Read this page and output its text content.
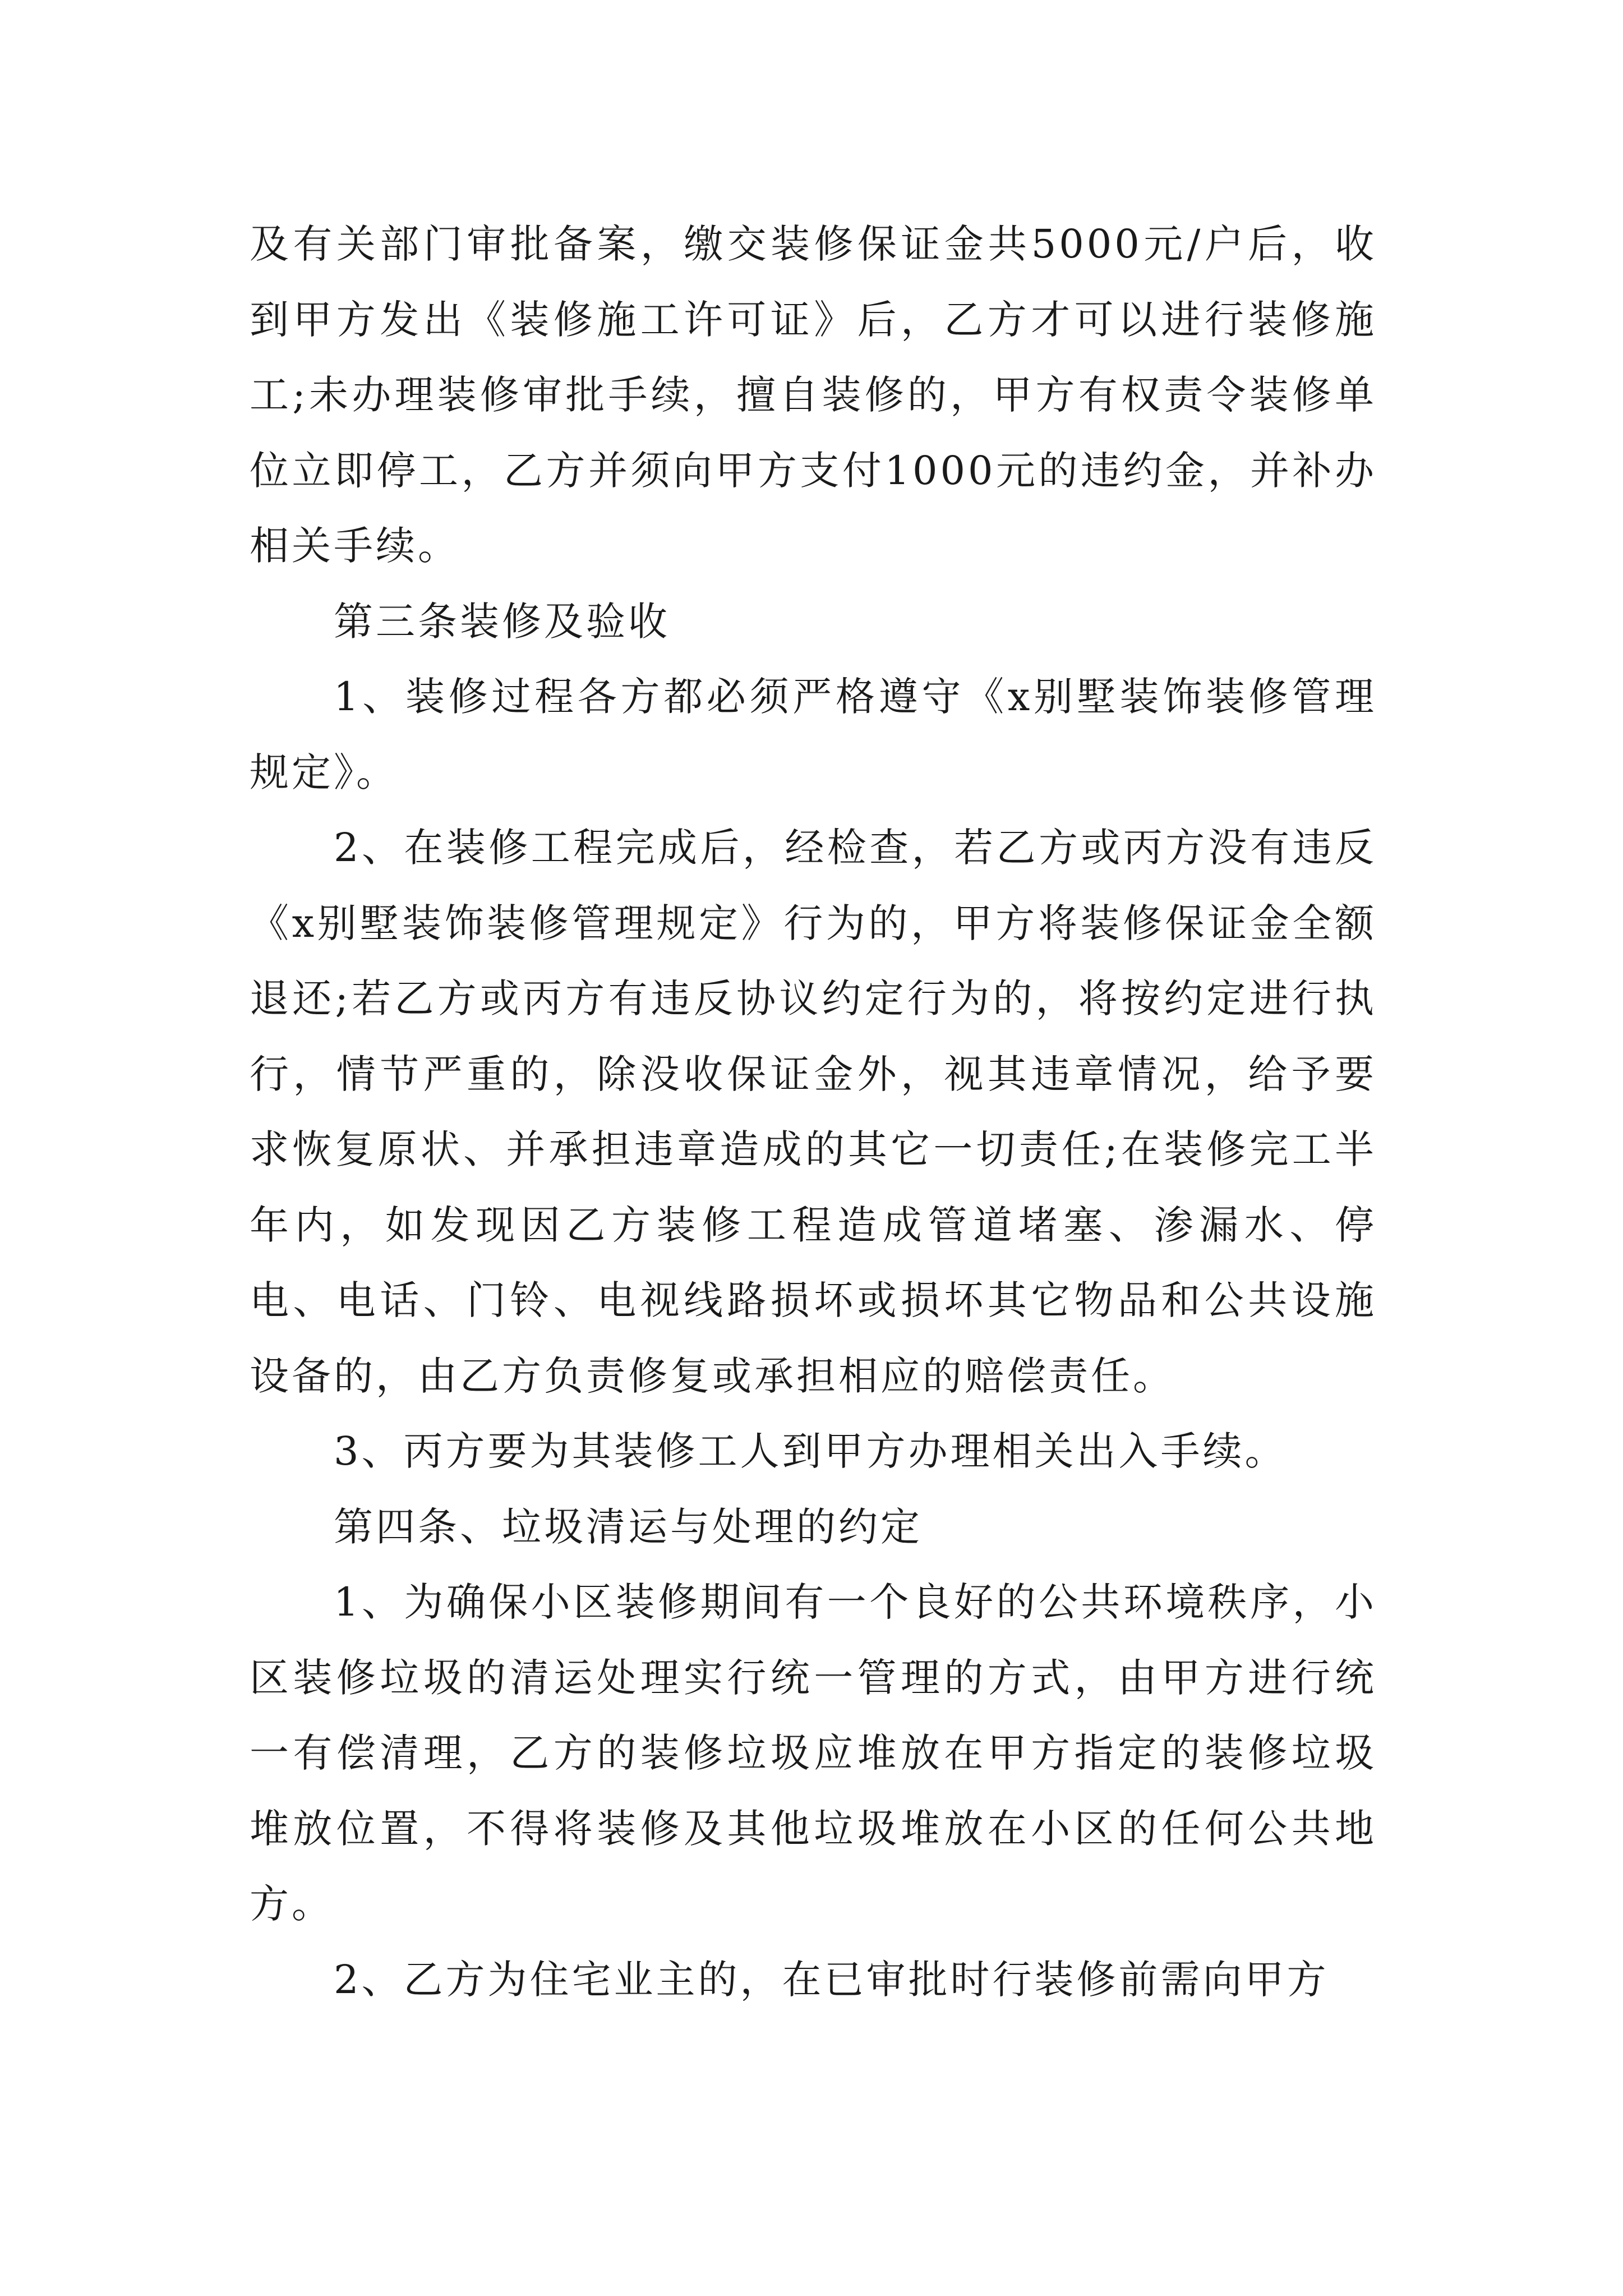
及有关部门审批备案，缴交装修保证金共5000元/户后，收到甲方发出《装修施工许可证》后，乙方才可以进行装修施工;未办理装修审批手续，擅自装修的，甲方有权责令装修单位立即停工，乙方并须向甲方支付1000元的违约金，并补办相关手续。

第三条装修及验收

1、装修过程各方都必须严格遵守《x别墅装饰装修管理规定》。

2、在装修工程完成后，经检查，若乙方或丙方没有违反《x别墅装饰装修管理规定》行为的，甲方将装修保证金全额退还;若乙方或丙方有违反协议约定行为的，将按约定进行执行，情节严重的，除没收保证金外，视其违章情况，给予要求恢复原状、并承担违章造成的其它一切责任;在装修完工半年内，如发现因乙方装修工程造成管道堵塞、渗漏水、停电、电话、门铃、电视线路损坏或损坏其它物品和公共设施设备的，由乙方负责修复或承担相应的赔偿责任。

3、丙方要为其装修工人到甲方办理相关出入手续。

第四条、垃圾清运与处理的约定

1、为确保小区装修期间有一个良好的公共环境秩序，小区装修垃圾的清运处理实行统一管理的方式，由甲方进行统一有偿清理，乙方的装修垃圾应堆放在甲方指定的装修垃圾堆放位置，不得将装修及其他垃圾堆放在小区的任何公共地方。

2、乙方为住宅业主的，在已审批时行装修前需向甲方
